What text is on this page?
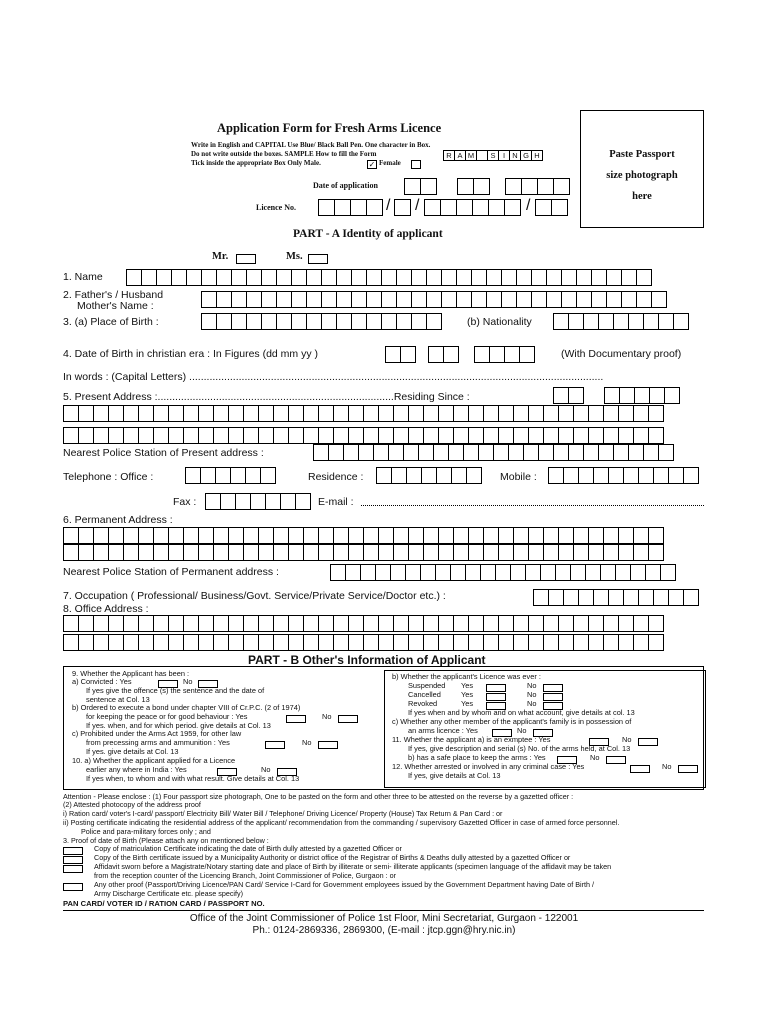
Application Form for Fresh Arms Licence
Write in English and CAPITAL Use Blue/ Black Ball Pen. One character in Box.
Do not write outside the boxes. SAMPLE How to fill the Form
Tick inside the appropriate Box Only Male.
R A M	S I N G H
✓ Female
Date of application
Licence No.	/ /	/
Paste Passport
size photograph
here
PART - A Identity of applicant
Mr.	Ms.
1. Name
2. Father's / Husband
Mother's Name :
3. (a) Place of Birth :	(b) Nationality
4. Date of Birth in christian era : In Figures (dd mm yy )	(With Documentary proof)
In words : (Capital Letters) ..............................................................................................................................................
5. Present Address :.................................................................................Residing Since :
Nearest Police Station of Present address :
Telephone : Office :	Residence :	Mobile :
Fax :	E-mail :
6. Permanent Address :
Nearest Police Station of Permanent address :
7. Occupation ( Professional/ Business/Govt. Service/Private Service/Doctor etc.) :
8. Office Address :
PART - B Other's Information of Applicant
9. Whether the Applicant has been :
a) Convicted : Yes	No
If yes give the offence (s) the sentence and the date of
sentence at Col. 13
b) Ordered to execute a bond under chapter VIII of Cr.P.C. (2 of 1974)
for keeping the peace or for good behaviour : Yes	No
If yes. when, and for which period. give details at Col. 13
c) Prohibited under the Arms Act 1959, for other law
from precessing arms and ammunition : Yes	No
If yes. give details at Col. 13
10. a) Whether the applicant applied for a Licence
earlier any where in India : Yes	No
If yes when, to whom and with what result. Give details at Col. 13
b) Whether the applicant's Licence was ever :
Suspended Yes	No
Cancelled	Yes	No
Revoked	Yes	No
If yes when and by whom and on what account, give details at col. 13
c) Whether any other member of the applicant's family is in possession of
an arms licence : Yes	No
11. Whether the applicant a) is an exmptee : Yes	No
If yes, give description and serial (s) No. of the arms held, at Col. 13
b) has a safe place to keep the arms : Yes	No
12. Whether arrested or involved in any criminal case : Yes	No
If yes, give details at Col. 13
Attention - Please enclose : (1) Four passport size photograph, One to be pasted on the form and other three to be attested on the reverse by a gazetted officer :
(2) Attested photocopy of the address proof
i) Ration card/ voter's I-card/ passport/ Electricity Bill/ Water Bill / Telephone/ Driving Licence/ Property (House) Tax Return & Pan Card : or
ii) Posting certificate indicating the residential address of the applicant/ recommendation from the commanding / supervisory Gazetted Officer in case of armed force personnel.
Police and para-military forces only ; and
3. Proof of date of Birth (Please attach any on mentioned below :
Copy of matriculation Certificate indicating the date of Birth dully attested by a gazetted Officer or
Copy of the Birth certificate issued by a Municipality Authority or district office of the Registrar of Births & Deaths dully attested by a gazetted Officer or
Affidavit sworn before a Magistrate/Notary starting date and place of Birth by illiterate or semi- illiterate applicants (specimen language of the affidavit may be taken
from the reception counter of the Licencing Branch, Joint Commissioner of Police, Gurgaon : or
Any other proof (Passport/Driving Licence/PAN Card/ Service I-Card for Government employees issued by the Government Department having Date of Birth /
Army Discharge Certificate etc. please specify)
PAN CARD/ VOTER ID / RATION CARD / PASSPORT NO.
Office of the Joint Commissioner of Police 1st Floor, Mini Secretariat, Gurgaon - 122001
Ph.: 0124-2869336, 2869300, (E-mail : jtcp.ggn@hry.nic.in)
